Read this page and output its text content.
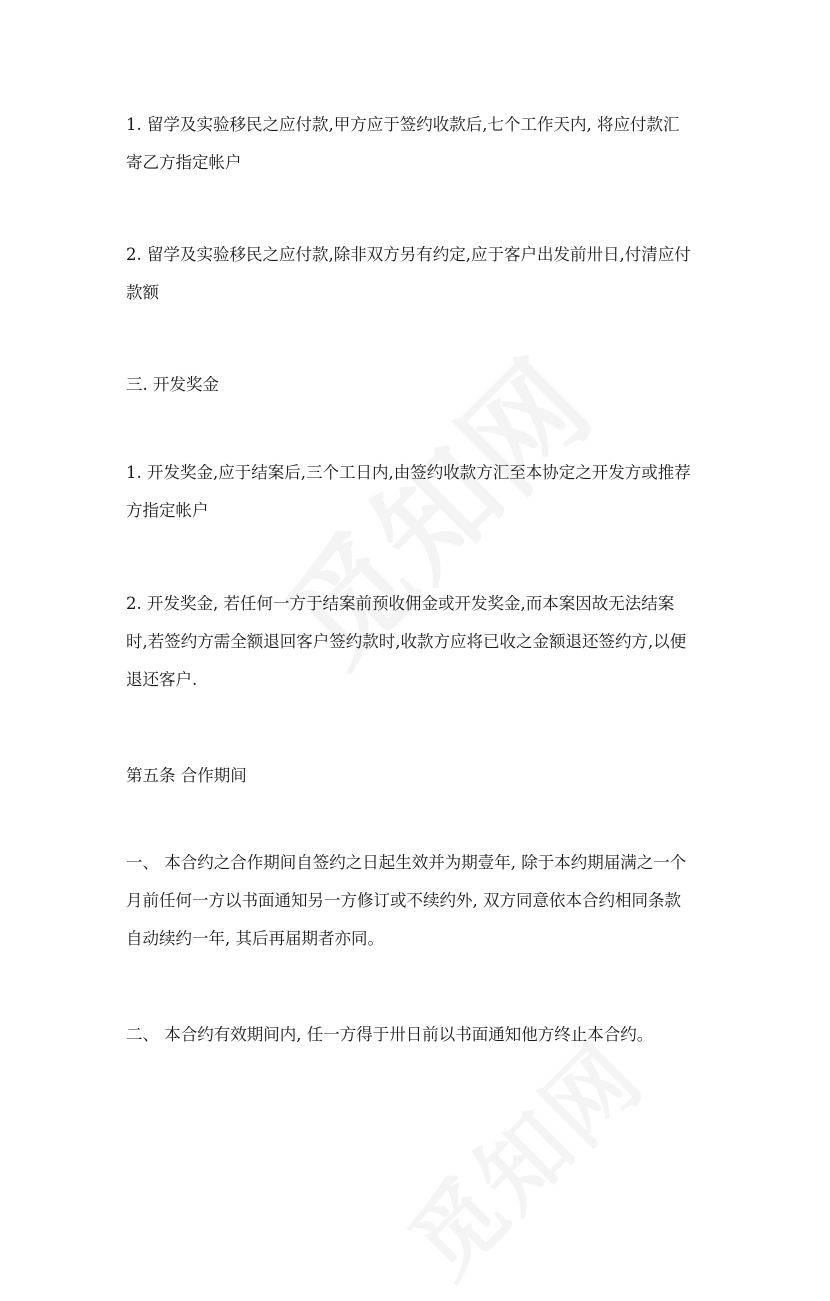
1. 留学及实验移民之应付款,甲方应于签约收款后,七个工作天内, 将应付款汇
寄乙方指定帐户

2. 留学及实验移民之应付款,除非双方另有约定,应于客户出发前卅日,付清应付
款额

三. 开发奖金

1. 开发奖金,应于结案后,三个工日内,由签约收款方汇至本协定之开发方或推荐
方指定帐户

2. 开发奖金, 若任何一方于结案前预收佣金或开发奖金,而本案因故无法结案
时,若签约方需全额退回客户签约款时,收款方应将已收之金额退还签约方,以便
退还客户.

第五条 合作期间

一、 本合约之合作期间自签约之日起生效并为期壹年, 除于本约期届满之一个
月前任何一方以书面通知另一方修订或不续约外, 双方同意依本合约相同条款
自动续约一年, 其后再届期者亦同。

二、 本合约有效期间内, 任一方得于卅日前以书面通知他方终止本合约。
